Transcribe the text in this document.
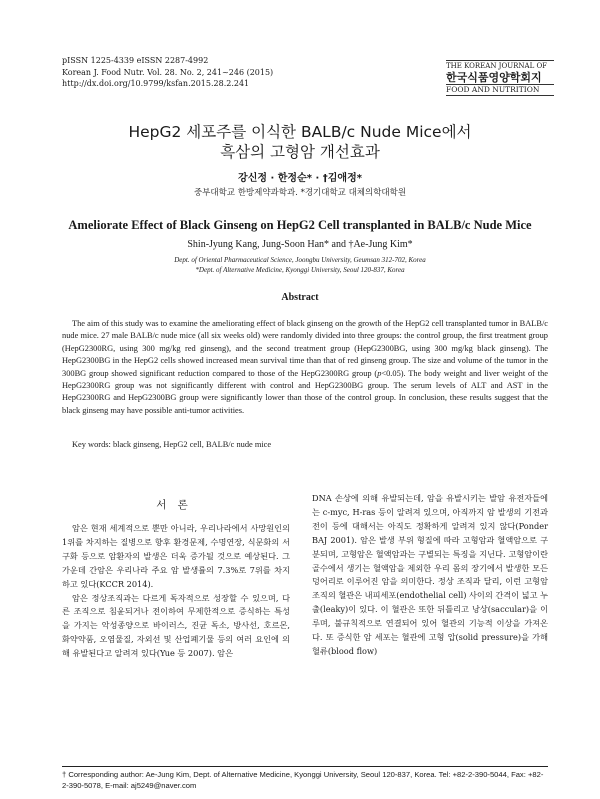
pISSN 1225-4339 eISSN 2287-4992
Korean J. Food Nutr. Vol. 28. No. 2, 241~246 (2015)
http://dx.doi.org/10.9799/ksfan.2015.28.2.241
THE KOREAN JOURNAL OF
한국식품영양학회지
FOOD AND NUTRITION
HepG2 세포주를 이식한 BALB/c Nude Mice에서
흑삼의 고형암 개선효과
강신정 · 한정순* · †김애정*
중부대학교 한방제약과학과. *경기대학교 대체의학대학원
Ameliorate Effect of Black Ginseng on HepG2 Cell transplanted in BALB/c Nude Mice
Shin-Jyung Kang, Jung-Soon Han* and †Ae-Jung Kim*
Dept. of Oriental Pharmaceutical Science, Joongbu University, Geumsan 312-702, Korea
*Dept. of Alternative Medicine, Kyonggi University, Seoul 120-837, Korea
Abstract

The aim of this study was to examine the ameliorating effect of black ginseng on the growth of the HepG2 cell transplanted tumor in BALB/c nude mice. 27 male BALB/c nude mice (all six weeks old) were randomly divided into three groups: the control group, the first treatment group (HepG2300RG, using 300 mg/kg red ginseng), and the second treatment group (HepG2300BG, using 300 mg/kg black ginseng). The HepG2300BG in the HepG2 cells showed increased mean survival time than that of red ginseng group. The size and volume of the tumor in the 300BG group showed significant reduction compared to those of the HepG2300RG group (p<0.05). The body weight and liver weight of the HepG2300RG group was not significantly different with control and HepG2300BG group. The serum levels of ALT and AST in the HepG2300RG and HepG2300BG group were significantly lower than those of the control group. In conclusion, these results suggest that the black ginseng may have possible anti-tumor activities.

Key words: black ginseng, HepG2 cell, BALB/c nude mice
서 론

암은 현재 세계적으로 뿐만 아니라, 우리나라에서 사망원인의 1위를 차지하는 질병으로 향후 환경문제, 수명연장, 식문화의 서구화 등으로 암환자의 발생은 더욱 증가될 것으로 예상된다. 그 가운데 간암은 우리나라 주요 암 발생률의 7.3%로 7위를 차지하고 있다(KCCR 2014).

암은 정상조직과는 다르게 독자적으로 성장할 수 있으며, 다른 조직으로 침윤되거나 전이하여 무제한적으로 증식하는 특성을 가지는 악성종양으로 바이러스, 진균 독소, 방사선, 호르몬, 화약약품, 오염물질, 자외선 및 산업폐기물 등의 여러 요인에 의해 유발된다고 알려져 있다(Yue 등 2007). 암은

DNA 손상에 의해 유발되는데, 암을 유발시키는 발암 유전자들에는 c-myc, H-ras 등이 알려져 있으며, 아직까지 암 발생의 기전과 전이 등에 대해서는 아직도 정확하게 알려져 있지 않다(Ponder BAJ 2001). 암은 발생 부위 형질에 따라 고형암과 혈액암으로 구분되며, 고형암은 혈액암과는 구별되는 특징을 지닌다. 고형암이란 골수에서 생기는 혈액암을 제외한 우리 몸의 장기에서 발생한 모든 덩어리로 이루어진 암을 의미한다. 정상 조직과 달리, 이런 고형암 조직의 혈관은 내피세포(endothelial cell) 사이의 간격이 넓고 누출(leaky)이 있다. 이 혈관은 또한 뒤틀리고 낭상(saccular)을 이루며, 불규칙적으로 연결되어 있어 혈관의 기능적 이상을 가져온다. 또 증식한 암 세포는 혈관에 고형 압(solid pressure)을 가해 혈류(blood flow)

† Corresponding author: Ae-Jung Kim, Dept. of Alternative Medicine, Kyonggi University, Seoul 120-837, Korea. Tel: +82-2-390-5044, Fax: +82-2-390-5078, E-mail: aj5249@naver.com
